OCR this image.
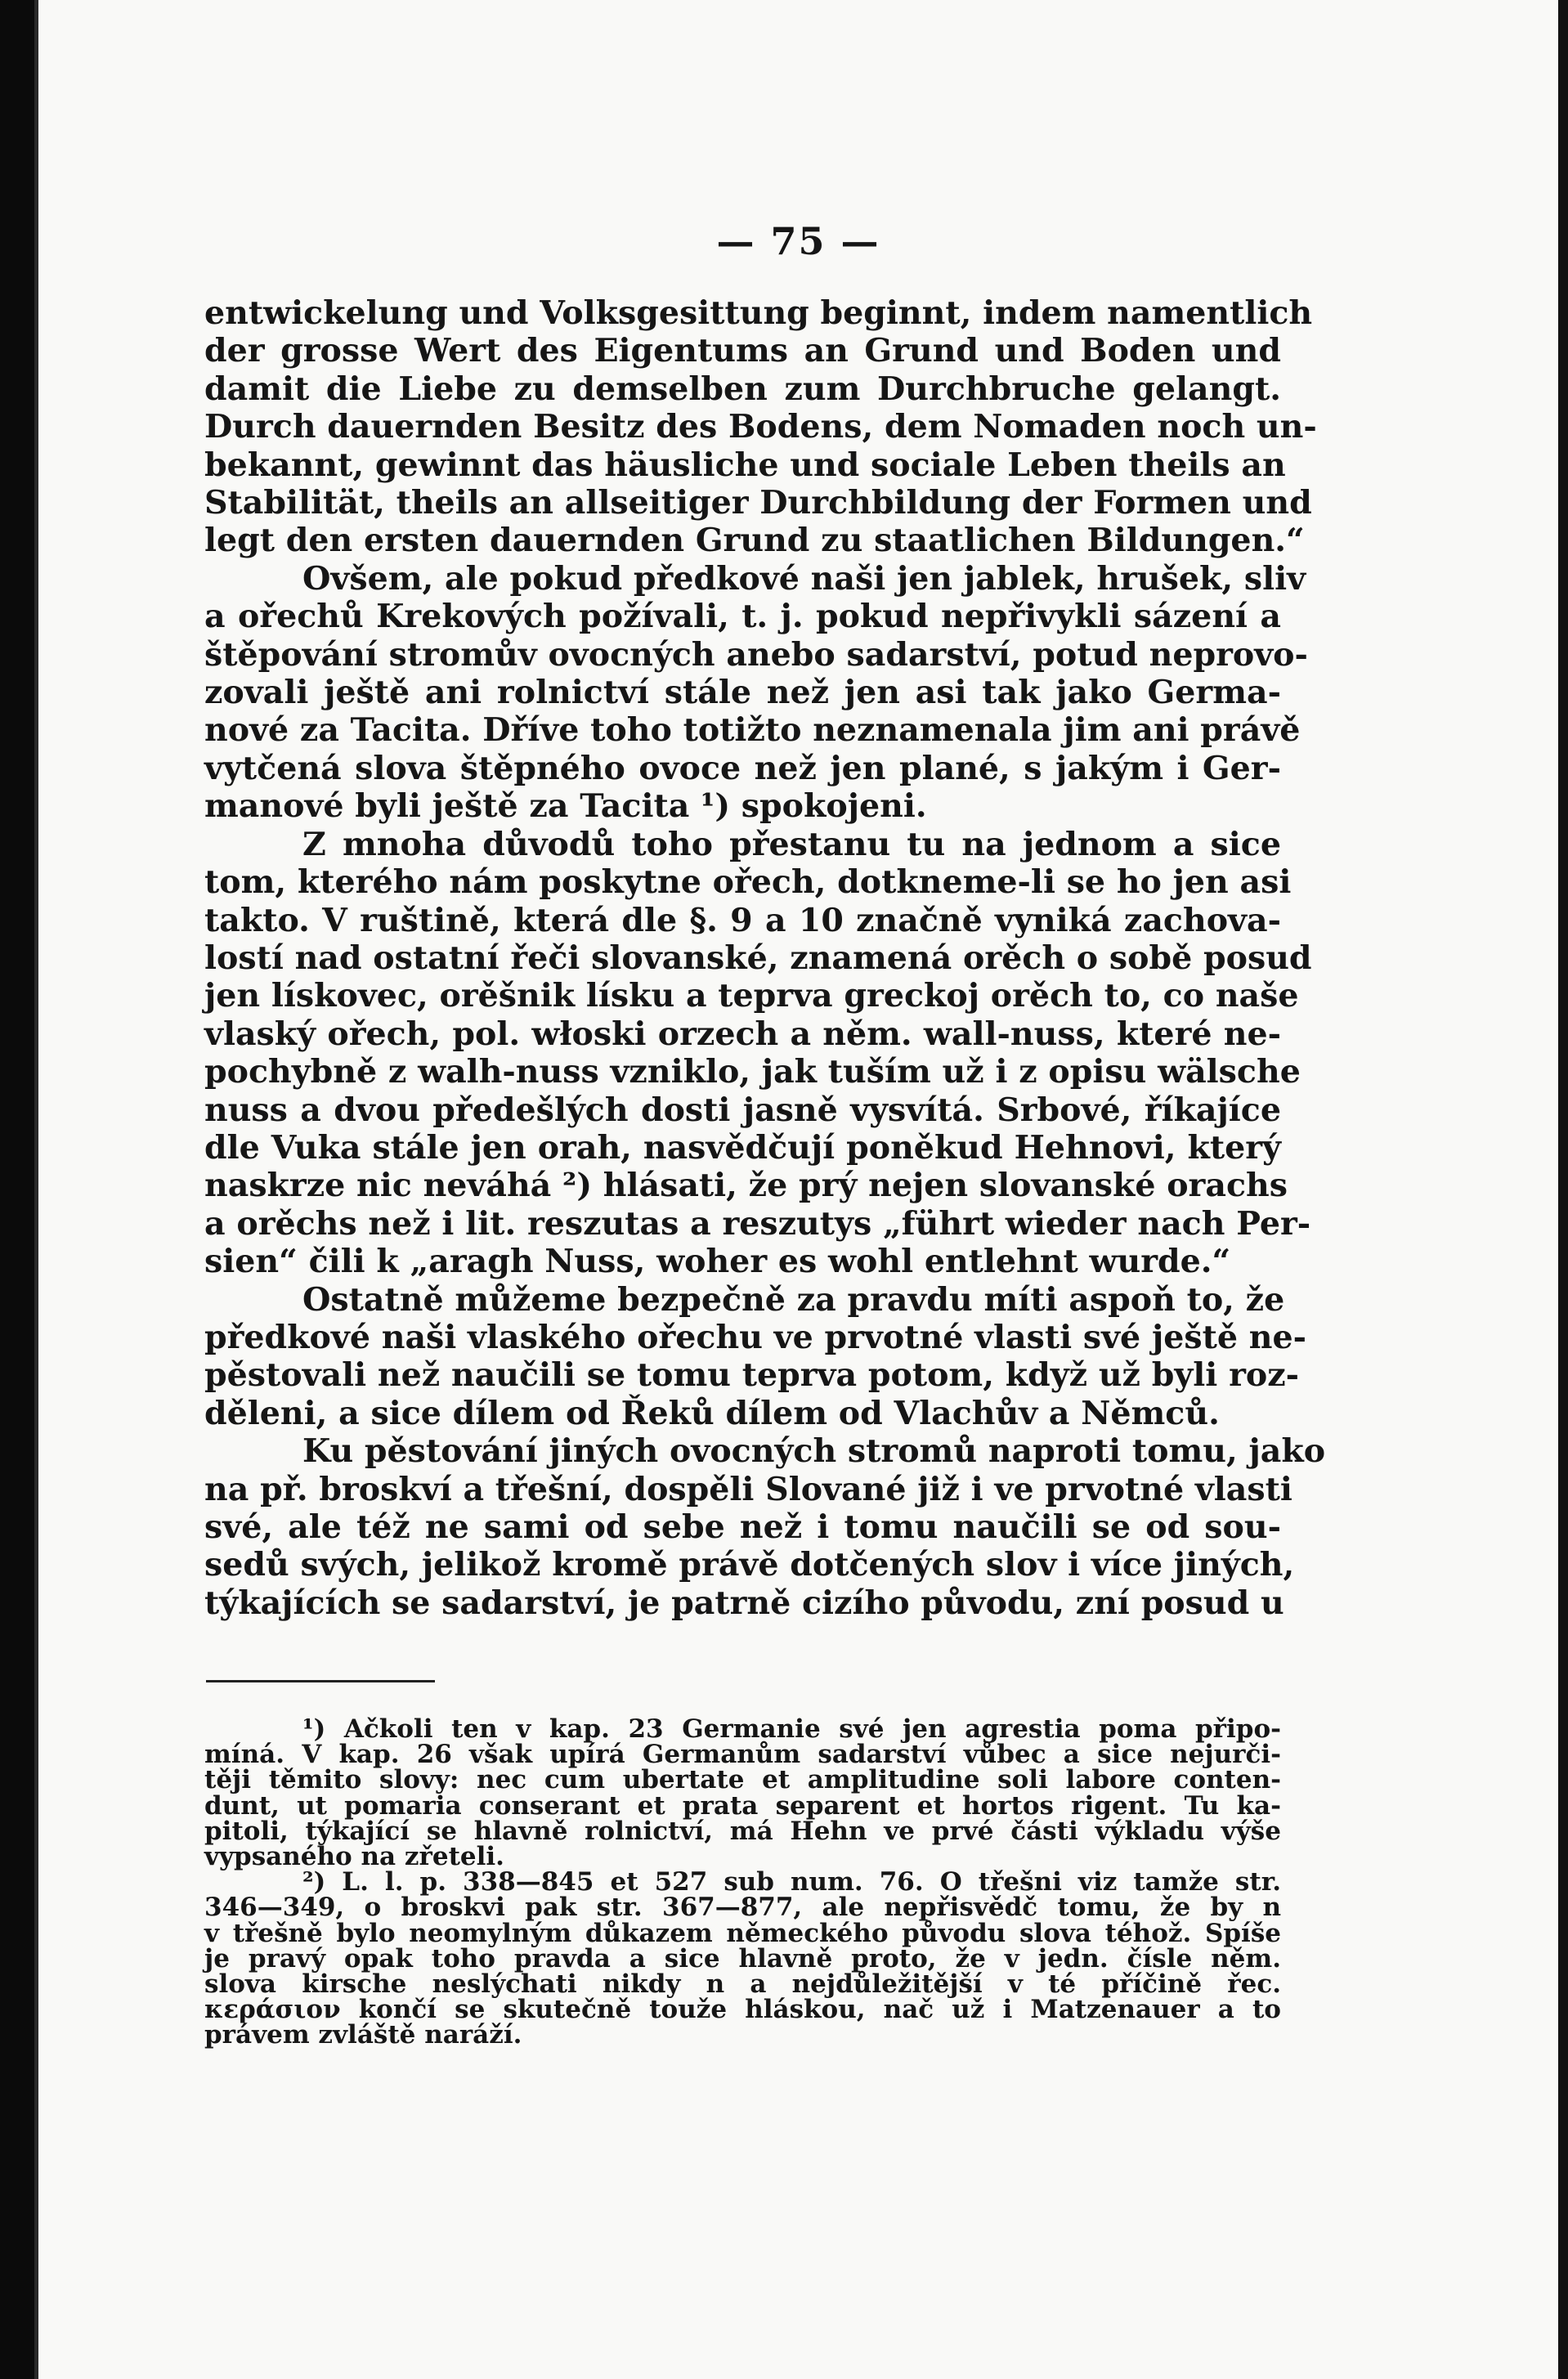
— 75 —
entwickelung und Volksgesittung beginnt, indem namentlich
der grosse Wert des Eigentums an Grund und Boden und
damit die Liebe zu demselben zum Durchbruche gelangt.
Durch dauernden Besitz des Bodens, dem Nomaden noch un-
bekannt, gewinnt das häusliche und sociale Leben theils an
Stabilität, theils an allseitiger Durchbildung der Formen und
legt den ersten dauernden Grund zu staatlichen Bildungen.“
Ovšem, ale pokud předkové naši jen jablek, hrušek, sliv
a ořechů Krekových požívali, t. j. pokud nepřivykli sázení a
štěpování stromův ovocných anebo sadarství, potud neprovo-
zovali ještě ani rolnictví stále než jen asi tak jako Germa-
nové za Tacita. Dříve toho totižto neznamenala jim ani právě
vytčená slova štěpného ovoce než jen plané, s jakým i Ger-
manové byli ještě za Tacita ¹) spokojeni.
Z mnoha důvodů toho přestanu tu na jednom a sice
tom, kterého nám poskytne ořech, dotkneme-li se ho jen asi
takto. V ruštině, která dle §. 9 a 10 značně vyniká zachova-
lostí nad ostatní řeči slovanské, znamená orěch o sobě posud
jen lískovec, orěšnik lísku a teprva greckoj orěch to, co naše
vlaský ořech, pol. włoski orzech a něm. wall-nuss, které ne-
pochybně z walh-nuss vzniklo, jak tuším už i z opisu wälsche
nuss a dvou předešlých dosti jasně vysvítá. Srbové, říkajíce
dle Vuka stále jen orah, nasvědčují poněkud Hehnovi, který
naskrze nic neváhá ²) hlásati, že prý nejen slovanské orachs
a orěchs než i lit. reszutas a reszutys „führt wieder nach Per-
sien“ čili k „aragh Nuss, woher es wohl entlehnt wurde.“
Ostatně můžeme bezpečně za pravdu míti aspoň to, že
předkové naši vlaského ořechu ve prvotné vlasti své ještě ne-
pěstovali než naučili se tomu teprva potom, když už byli roz-
děleni, a sice dílem od Řeků dílem od Vlachův a Němců.
Ku pěstování jiných ovocných stromů naproti tomu, jako
na př. broskví a třešní, dospěli Slované již i ve prvotné vlasti
své, ale též ne sami od sebe než i tomu naučili se od sou-
sedů svých, jelikož kromě právě dotčených slov i více jiných,
týkajících se sadarství, je patrně cizího původu, zní posud u
¹) Ačkoli ten v kap. 23 Germanie své jen agrestia poma připo-
míná. V kap. 26 však upírá Germanům sadarství vůbec a sice nejurči-
těji těmito slovy: nec cum ubertate et amplitudine soli labore conten-
dunt, ut pomaria conserant et prata separent et hortos rigent. Tu ka-
pitoli, týkající se hlavně rolnictví, má Hehn ve prvé části výkladu výše
vypsaného na zřeteli.
²) L. l. p. 338—845 et 527 sub num. 76. O třešni viz tamže str.
346—349, o broskvi pak str. 367—877, ale nepřisvědč tomu, že by n
v třešně bylo neomylným důkazem německého původu slova téhož. Spíše
je pravý opak toho pravda a sice hlavně proto, že v jedn. čísle něm.
slova kirsche neslýchati nikdy n a nejdůležitější v té příčině řec.
κεράσιον končí se skutečně touže hláskou, nač už i Matzenauer a to
právem zvláště naráží.
